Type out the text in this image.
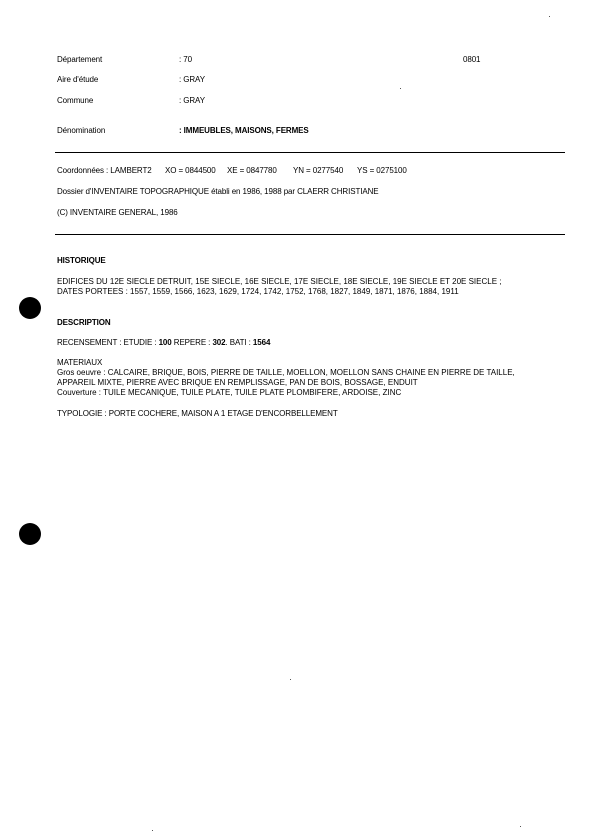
Département	: 70	0801
Aire d'étude	: GRAY
Commune	: GRAY
Dénomination	: IMMEUBLES, MAISONS, FERMES
Coordonnées : LAMBERT2 XO = 0844500 XE = 0847780 YN = 0277540 YS = 0275100
Dossier d'INVENTAIRE TOPOGRAPHIQUE établi en 1986, 1988 par CLAERR CHRISTIANE
(C) INVENTAIRE GENERAL, 1986
HISTORIQUE
EDIFICES DU 12E SIECLE DETRUIT, 15E SIECLE, 16E SIECLE, 17E SIECLE, 18E SIECLE, 19E SIECLE ET 20E SIECLE ;
DATES PORTEES : 1557, 1559, 1566, 1623, 1629, 1724, 1742, 1752, 1768, 1827, 1849, 1871, 1876, 1884, 1911
DESCRIPTION
RECENSEMENT : ETUDIE : 100 REPERE : 302. BATI : 1564
MATERIAUX
Gros oeuvre : CALCAIRE, BRIQUE, BOIS, PIERRE DE TAILLE, MOELLON, MOELLON SANS CHAINE EN PIERRE DE TAILLE,
APPAREIL MIXTE, PIERRE AVEC BRIQUE EN REMPLISSAGE, PAN DE BOIS, BOSSAGE, ENDUIT
Couverture : TUILE MECANIQUE, TUILE PLATE, TUILE PLATE PLOMBIFERE, ARDOISE, ZINC
TYPOLOGIE : PORTE COCHERE, MAISON A 1 ETAGE D'ENCORBELLEMENT
